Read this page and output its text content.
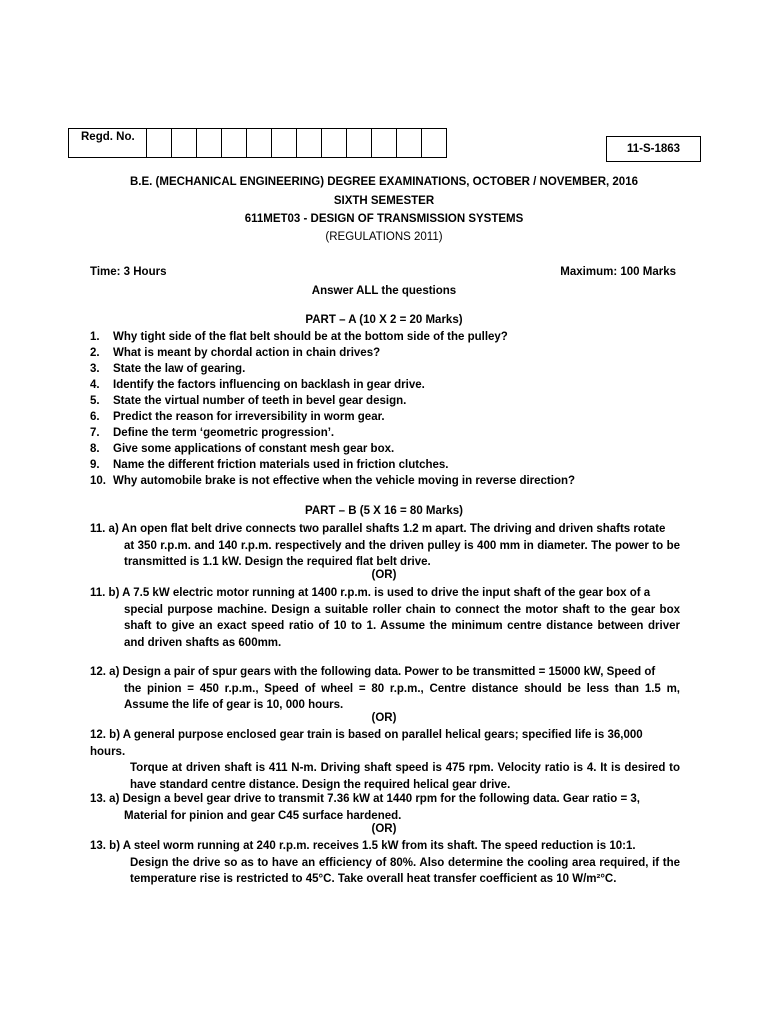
Regd. No.
11-S-1863
B.E. (MECHANICAL ENGINEERING) DEGREE EXAMINATIONS, OCTOBER / NOVEMBER, 2016
SIXTH SEMESTER
611MET03 - DESIGN OF TRANSMISSION SYSTEMS
(REGULATIONS 2011)
Time: 3 Hours	Maximum: 100 Marks
Answer ALL the questions
PART – A (10 X 2 = 20 Marks)
1.	Why tight side of the flat belt should be at the bottom side of the pulley?
2.	What is meant by chordal action in chain drives?
3.	State the law of gearing.
4.	Identify the factors influencing on backlash in gear drive.
5.	State the virtual number of teeth in bevel gear design.
6.	Predict the reason for irreversibility in worm gear.
7.	Define the term ‘geometric progression’.
8.	Give some applications of constant mesh gear box.
9.	Name the different friction materials used in friction clutches.
10. Why automobile brake is not effective when the vehicle moving in reverse direction?
PART – B (5 X 16 = 80 Marks)
11. a) An open flat belt drive connects two parallel shafts 1.2 m apart. The driving and driven shafts rotate
at 350 r.p.m. and 140 r.p.m. respectively and the driven pulley is 400 mm in diameter. The power to be transmitted is 1.1 kW. Design the required flat belt drive.
(OR)
11. b) A 7.5 kW electric motor running at 1400 r.p.m. is used to drive the input shaft of the gear box of a
special purpose machine. Design a suitable roller chain to connect the motor shaft to the gear box shaft to give an exact speed ratio of 10 to 1. Assume the minimum centre distance between driver and driven shafts as 600mm.
12. a) Design a pair of spur gears with the following data. Power to be transmitted = 15000 kW, Speed of
the pinion = 450 r.p.m., Speed of wheel = 80 r.p.m., Centre distance should be less than 1.5 m, Assume the life of gear is 10, 000 hours.
(OR)
12. b) A general purpose enclosed gear train is based on parallel helical gears; specified life is 36,000 hours.
Torque at driven shaft is 411 N-m. Driving shaft speed is 475 rpm. Velocity ratio is 4. It is desired to have standard centre distance. Design the required helical gear drive.
13. a) Design a bevel gear drive to transmit 7.36 kW at 1440 rpm for the following data. Gear ratio = 3,
Material for pinion and gear C45 surface hardened.
(OR)
13. b) A steel worm running at 240 r.p.m. receives 1.5 kW from its shaft. The speed reduction is 10:1.
Design the drive so as to have an efficiency of 80%. Also determine the cooling area required, if the temperature rise is restricted to 45°C. Take overall heat transfer coefficient as 10 W/m²°C.
